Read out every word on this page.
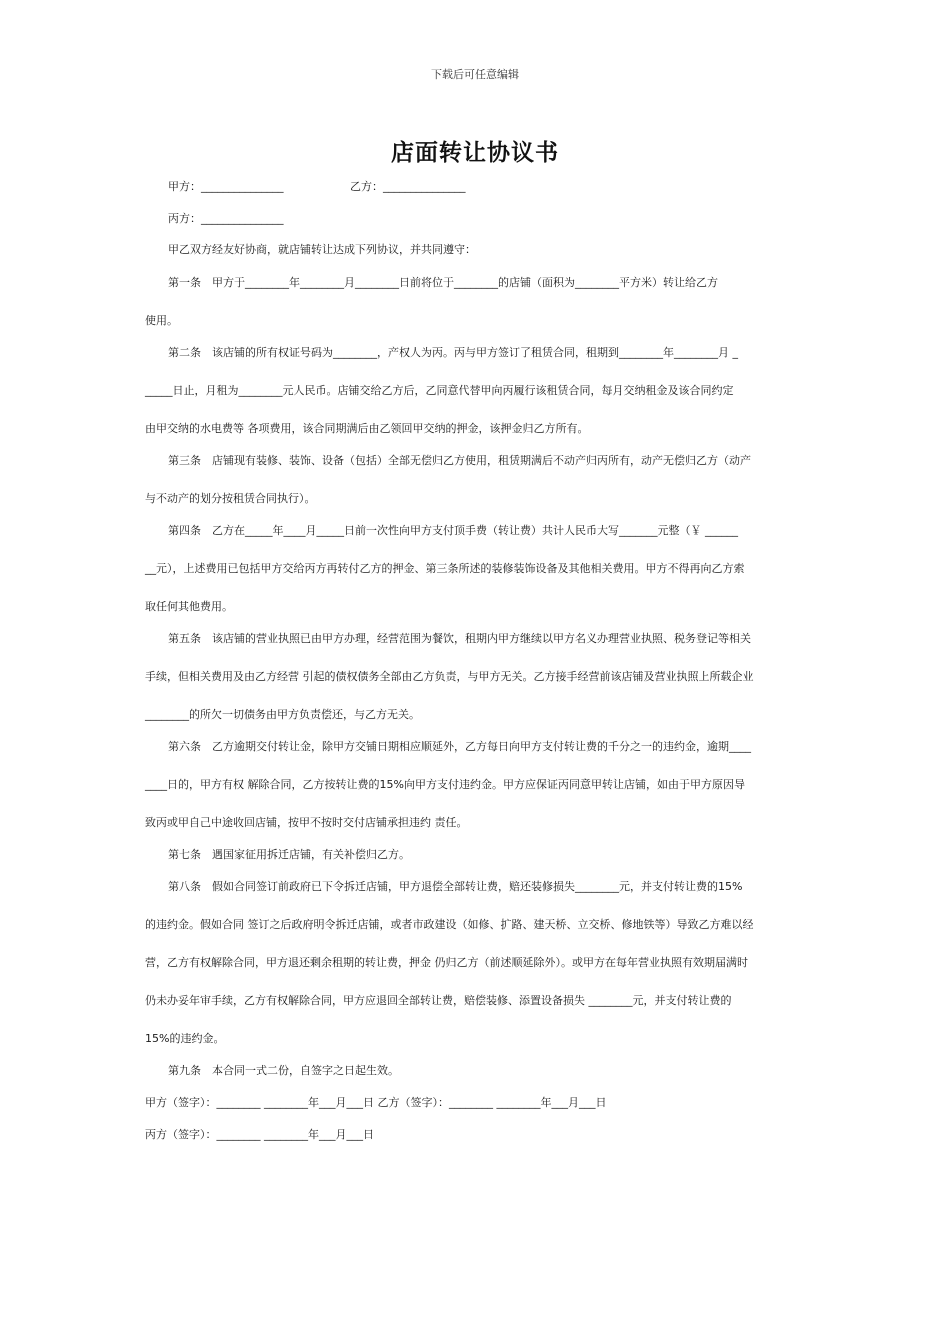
下载后可任意编辑
店面转让协议书
甲方：_______________	乙方：_______________
丙方：_______________
甲乙双方经友好协商，就店铺转让达成下列协议，并共同遵守：
第一条　甲方于________年________月________日前将位于________的店铺（面积为________平方米）转让给乙方
使用。
第二条　该店铺的所有权证号码为________，产权人为丙。丙与甲方签订了租赁合同，租期到________年________月 _
_____日止，月租为________元人民币。店铺交给乙方后，乙同意代替甲向丙履行该租赁合同，每月交纳租金及该合同约定
由甲交纳的水电费等 各项费用，该合同期满后由乙领回甲交纳的押金，该押金归乙方所有。
第三条　店铺现有装修、装饰、设备（包括）全部无偿归乙方使用，租赁期满后不动产归丙所有，动产无偿归乙方（动产
与不动产的划分按租赁合同执行）。
第四条　乙方在_____年____月_____日前一次性向甲方支付顶手费（转让费）共计人民币大写_______元整（￥ ______
__元），上述费用已包括甲方交给丙方再转付乙方的押金、第三条所述的装修装饰设备及其他相关费用。甲方不得再向乙方索
取任何其他费用。
第五条　该店铺的营业执照已由甲方办理，经营范围为餐饮，租期内甲方继续以甲方名义办理营业执照、税务登记等相关
手续，但相关费用及由乙方经营 引起的债权债务全部由乙方负责，与甲方无关。乙方接手经营前该店铺及营业执照上所载企业
________的所欠一切债务由甲方负责偿还，与乙方无关。
第六条　乙方逾期交付转让金，除甲方交铺日期相应顺延外，乙方每日向甲方支付转让费的千分之一的违约金，逾期____
____日的，甲方有权 解除合同，乙方按转让费的15%向甲方支付违约金。甲方应保证丙同意甲转让店铺，如由于甲方原因导
致丙或甲自己中途收回店铺，按甲不按时交付店铺承担违约 责任。
第七条　遇国家征用拆迁店铺，有关补偿归乙方。
第八条　假如合同签订前政府已下令拆迁店铺，甲方退偿全部转让费，赔还装修损失________元，并支付转让费的15%
的违约金。假如合同 签订之后政府明令拆迁店铺，或者市政建设（如修、扩路、建天桥、立交桥、修地铁等）导致乙方难以经
营，乙方有权解除合同，甲方退还剩余租期的转让费，押金 仍归乙方（前述顺延除外）。或甲方在每年营业执照有效期届满时
仍未办妥年审手续，乙方有权解除合同，甲方应退回全部转让费，赔偿装修、添置设备损失 ________元，并支付转让费的
15%的违约金。
第九条　本合同一式二份，自签字之日起生效。
甲方（签字）：________ ________年___月___日 乙方（签字）：________ ________年___月___日
丙方（签字）：________ ________年___月___日
